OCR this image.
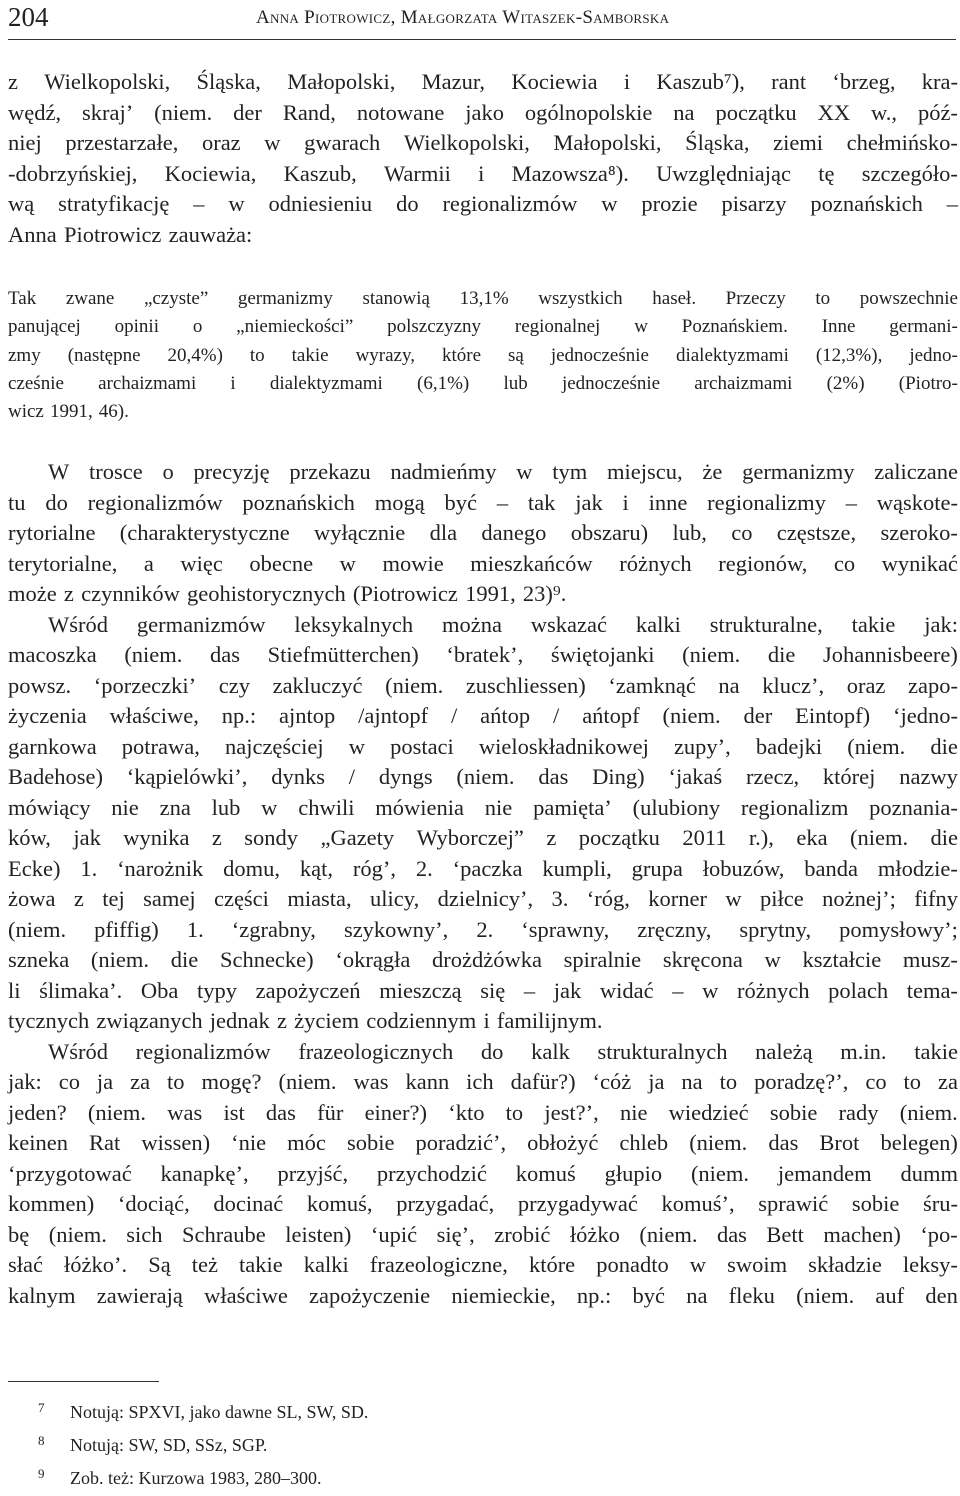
204	Anna Piotrowicz, Małgorzata Witaszek-Samborska
z Wielkopolski, Śląska, Małopolski, Mazur, Kociewia i Kaszub⁷), rant ‘brzeg, kra-
wędź, skraj’ (niem. der Rand, notowane jako ogólnopolskie na początku XX w., póź-
niej przestarzałe, oraz w gwarach Wielkopolski, Małopolski, Śląska, ziemi chełmińsko-
-dobrzyńskiej, Kociewia, Kaszub, Warmii i Mazowsza⁸). Uwzględniając tę szczegóło-
wą stratyfikację – w odniesieniu do regionalizmów w prozie pisarzy poznańskich –
Anna Piotrowicz zauważa:
Tak zwane „czyste” germanizmy stanowią 13,1% wszystkich haseł. Przeczy to powszechnie
panującej opinii o „niemieckości” polszczyzny regionalnej w Poznańskiem. Inne germani-
zmy (następne 20,4%) to takie wyrazy, które są jednocześnie dialektyzmami (12,3%), jedno-
cześnie archaizmami i dialektyzmami (6,1%) lub jednocześnie archaizmami (2%) (Piotro-
wicz 1991, 46).
W trosce o precyzję przekazu nadmieńmy w tym miejscu, że germanizmy zaliczane
tu do regionalizmów poznańskich mogą być – tak jak i inne regionalizmy – wąskote-
rytorialne (charakterystyczne wyłącznie dla danego obszaru) lub, co częstsze, szeroko-
terytorialne, a więc obecne w mowie mieszkańców różnych regionów, co wynikać
może z czynników geohistorycznych (Piotrowicz 1991, 23)⁹.
Wśród germanizmów leksykalnych można wskazać kalki strukturalne, takie jak:
macoszka (niem. das Stiefmütterchen) ‘bratek’, świętojanki (niem. die Johannisbeere)
powsz. ‘porzeczki’ czy zakluczyć (niem. zuschliessen) ‘zamknąć na klucz’, oraz zapo-
życzenia właściwe, np.: ajntop /ajntopf / ańtop / ańtopf (niem. der Eintopf) ‘jedno-
garnkowa potrawa, najczęściej w postaci wieloskładnikowej zupy’, badejki (niem. die
Badehose) ‘kąpielówki’, dynks / dyngs (niem. das Ding) ‘jakaś rzecz, której nazwy
mówiący nie zna lub w chwili mówienia nie pamięta’ (ulubiony regionalizm poznania-
ków, jak wynika z sondy „Gazety Wyborczej” z początku 2011 r.), eka (niem. die
Ecke) 1. ‘narożnik domu, kąt, róg’, 2. ‘paczka kumpli, grupa łobuzów, banda młodzie-
żowa z tej samej części miasta, ulicy, dzielnicy’, 3. ‘róg, korner w piłce nożnej’; fifny
(niem. pfiffig) 1. ‘zgrabny, szykowny’, 2. ‘sprawny, zręczny, sprytny, pomysłowy’;
szneka (niem. die Schnecke) ‘okrągła drożdżówka spiralnie skręcona w kształcie musz-
li ślimaka’. Oba typy zapożyczeń mieszczą się – jak widać – w różnych polach tema-
tycznych związanych jednak z życiem codziennym i familijnym.
Wśród regionalizmów frazeologicznych do kalk strukturalnych należą m.in. takie
jak: co ja za to mogę? (niem. was kann ich dafür?) ‘cóż ja na to poradzę?’, co to za
jeden? (niem. was ist das für einer?) ‘kto to jest?’, nie wiedzieć sobie rady (niem.
keinen Rat wissen) ‘nie móc sobie poradzić’, obłożyć chleb (niem. das Brot belegen)
‘przygotować kanapkę’, przyjść, przychodzić komuś głupio (niem. jemandem dumm
kommen) ‘dociąć, docinać komuś, przygadać, przygadywać komuś’, sprawić sobie śru-
bę (niem. sich Schraube leisten) ‘upić się’, zrobić łóżko (niem. das Bett machen) ‘po-
słać łóżko’. Są też takie kalki frazeologiczne, które ponadto w swoim składzie leksy-
kalnym zawierają właściwe zapożyczenie niemieckie, np.: być na fleku (niem. auf den
7 Notują: SPXVI, jako dawne SL, SW, SD.
8 Notują: SW, SD, SSz, SGP.
9 Zob. też: Kurzowa 1983, 280–300.
